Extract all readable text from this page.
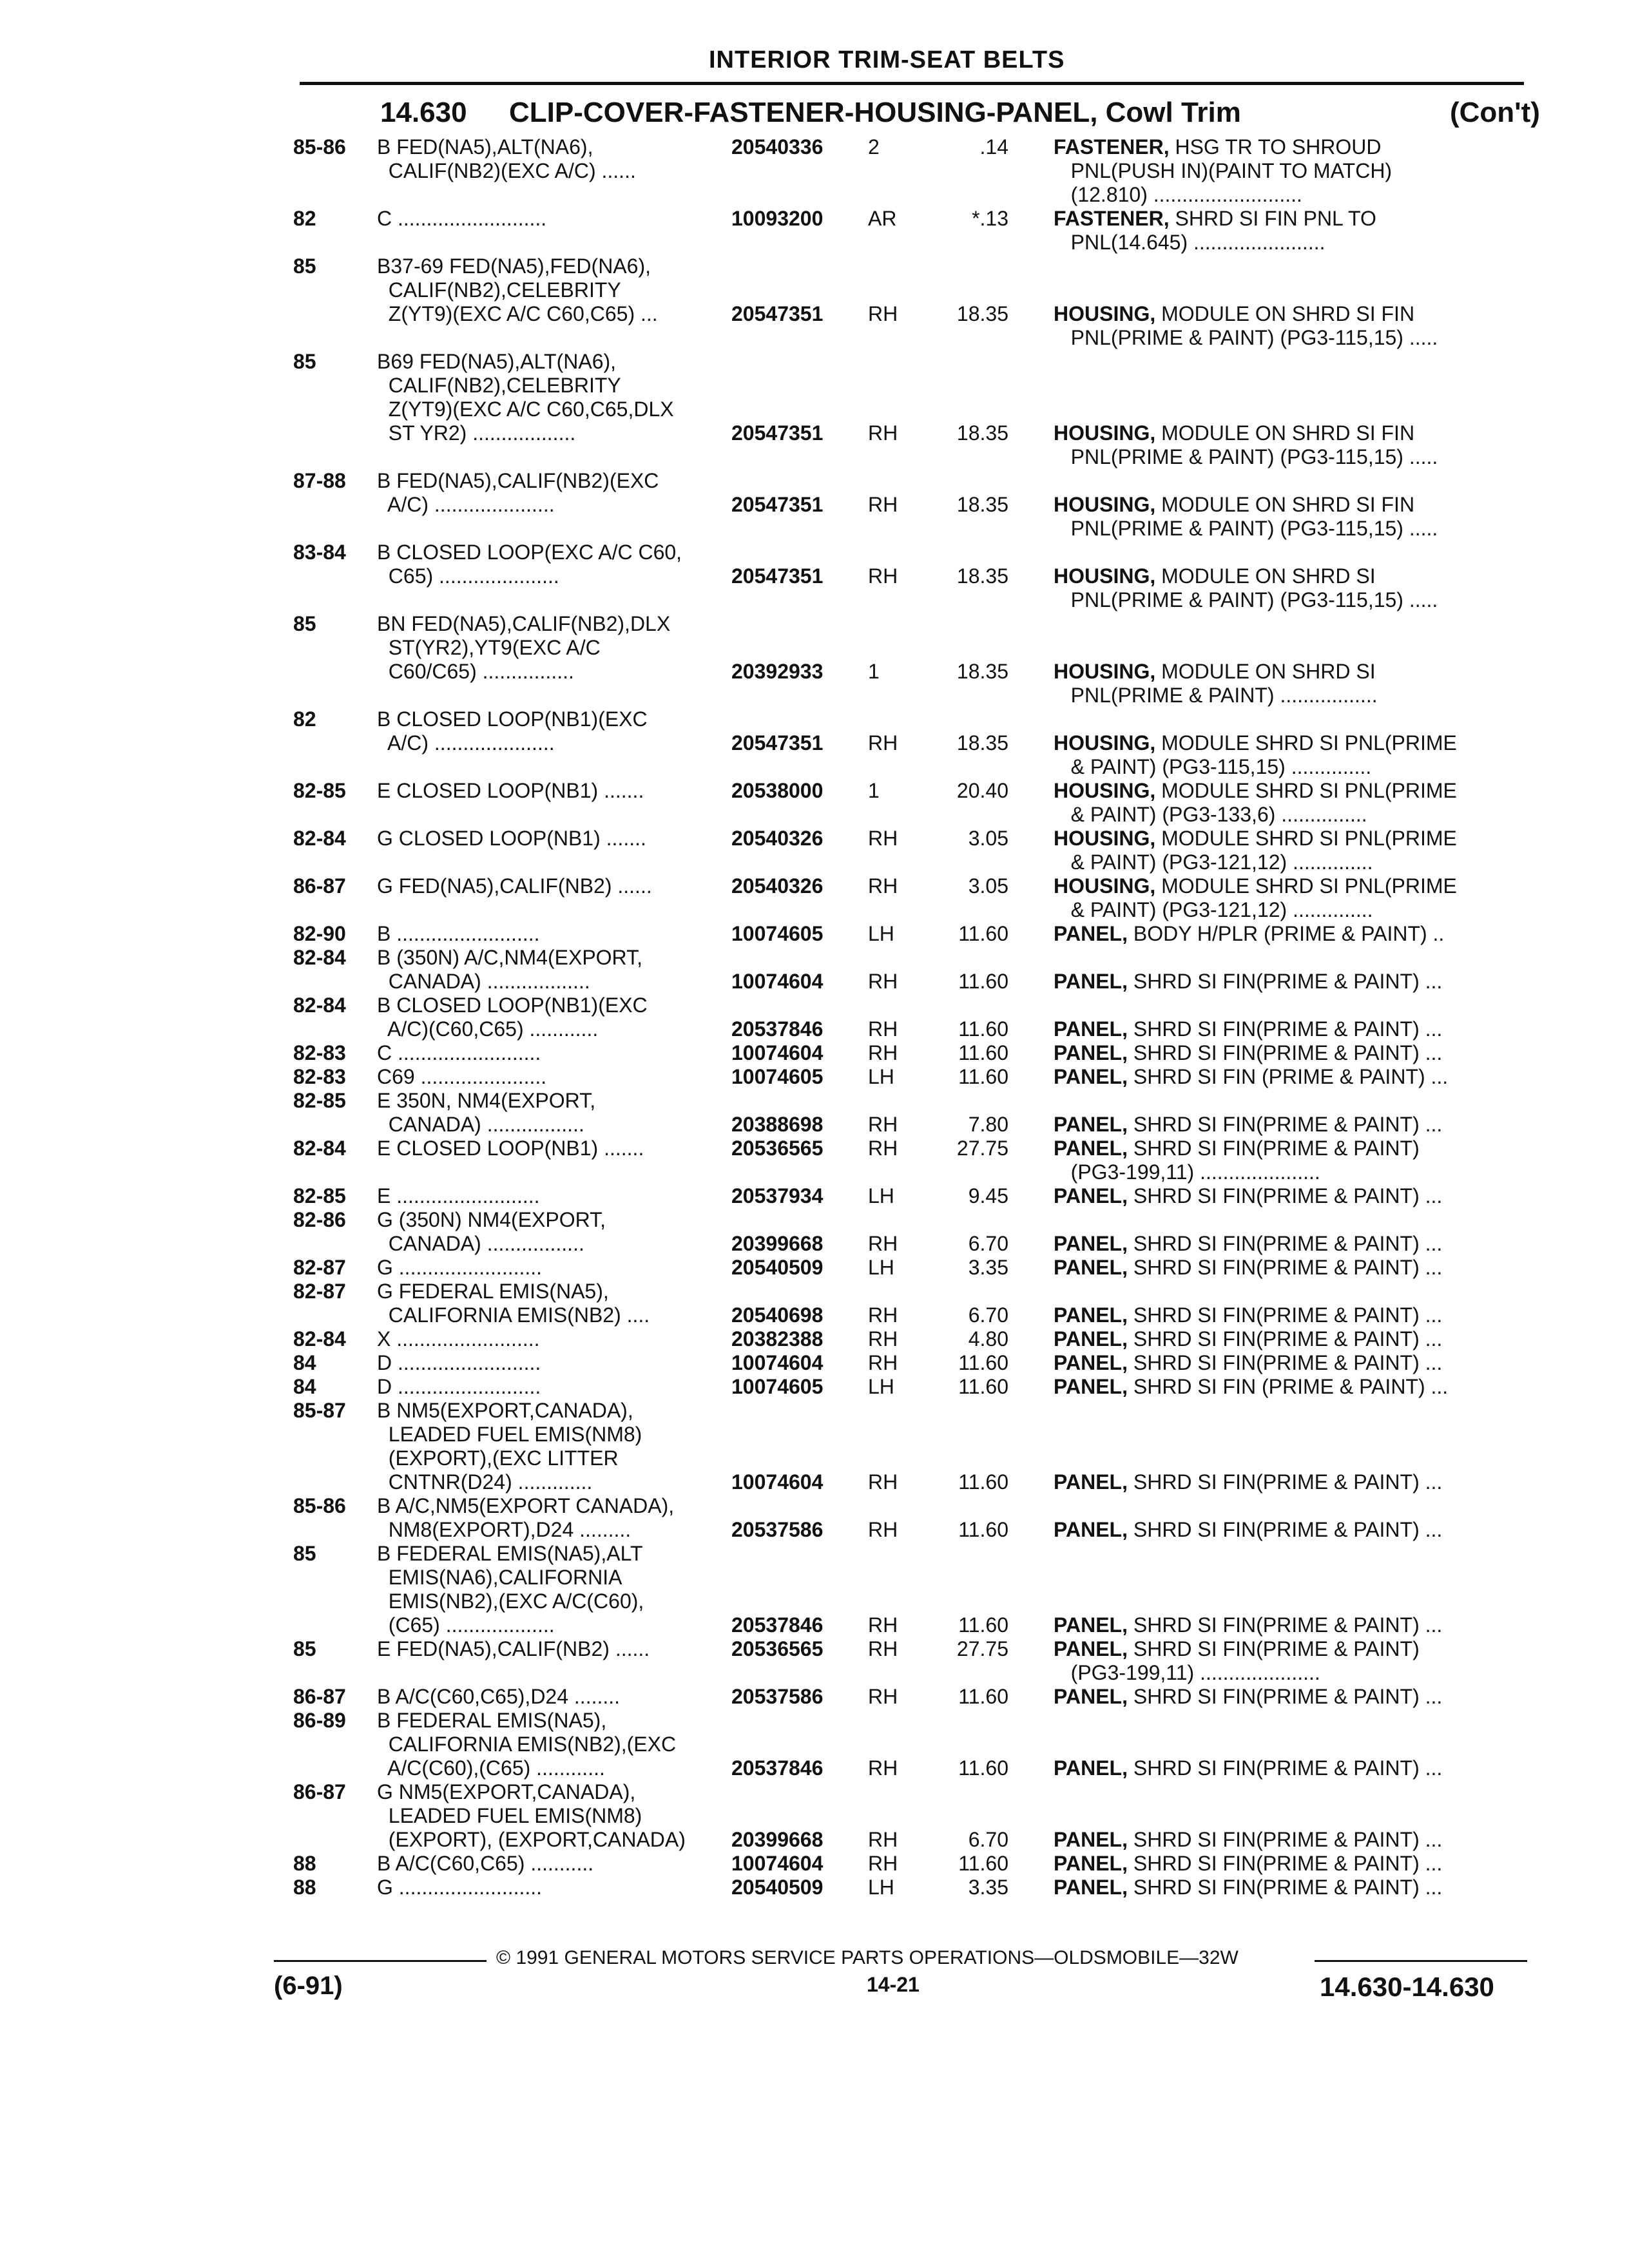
INTERIOR TRIM-SEAT BELTS
14.630 CLIP-COVER-FASTENER-HOUSING-PANEL, Cowl Trim	(Con't)
85-86	B FED(NA5),ALT(NA6),
CALIF(NB2)(EXC A/C) ......
20540336	2	.14 FASTENER, HSG TR TO SHROUD
PNL(PUSH IN)(PAINT TO MATCH)
(12.810) ..........................
82	C ..........................	10093200	AR	*.13 FASTENER, SHRD SI FIN PNL TO
PNL(14.645) .......................
85	B37-69 FED(NA5),FED(NA6),
CALIF(NB2),CELEBRITY
Z(YT9)(EXC A/C C60,C65) ...	20547351	RH	18.35 HOUSING, MODULE ON SHRD SI FIN
PNL(PRIME & PAINT) (PG3-115,15) .....
85	B69 FED(NA5),ALT(NA6),
CALIF(NB2),CELEBRITY
Z(YT9)(EXC A/C C60,C65,DLX
ST YR2) ..................	20547351	RH	18.35 HOUSING, MODULE ON SHRD SI FIN
PNL(PRIME & PAINT) (PG3-115,15) .....
87-88	B FED(NA5),CALIF(NB2)(EXC
A/C) .....................	20547351	RH	18.35 HOUSING, MODULE ON SHRD SI FIN
PNL(PRIME & PAINT) (PG3-115,15) .....
83-84	B CLOSED LOOP(EXC A/C C60,
C65) .....................	20547351	RH	18.35 HOUSING, MODULE ON SHRD SI
PNL(PRIME & PAINT) (PG3-115,15) .....
85	BN FED(NA5),CALIF(NB2),DLX
ST(YR2),YT9(EXC A/C
C60/C65) ................	20392933	1	18.35 HOUSING, MODULE ON SHRD SI
PNL(PRIME & PAINT) .................
82	B CLOSED LOOP(NB1)(EXC
A/C) .....................	20547351	RH	18.35 HOUSING, MODULE SHRD SI PNL(PRIME
& PAINT) (PG3-115,15) ..............
82-85	E CLOSED LOOP(NB1) .......	20538000	1	20.40 HOUSING, MODULE SHRD SI PNL(PRIME
& PAINT) (PG3-133,6) ...............
82-84	G CLOSED LOOP(NB1) .......	20540326	RH	3.05 HOUSING, MODULE SHRD SI PNL(PRIME
& PAINT) (PG3-121,12) ..............
86-87	G FED(NA5),CALIF(NB2) ......	20540326	RH	3.05 HOUSING, MODULE SHRD SI PNL(PRIME
& PAINT) (PG3-121,12) ..............
82-90	B .........................	10074605	LH	11.60 PANEL, BODY H/PLR (PRIME & PAINT) ..
82-84	B (350N) A/C,NM4(EXPORT,
CANADA) ..................	10074604	RH	11.60 PANEL, SHRD SI FIN(PRIME & PAINT) ...
82-84	B CLOSED LOOP(NB1)(EXC
A/C)(C60,C65) ............	20537846	RH	11.60 PANEL, SHRD SI FIN(PRIME & PAINT) ...
82-83	C .........................	10074604	RH	11.60 PANEL, SHRD SI FIN(PRIME & PAINT) ...
82-83	C69 ......................	10074605	LH	11.60 PANEL, SHRD SI FIN (PRIME & PAINT) ...
82-85	E 350N, NM4(EXPORT,
CANADA) .................	20388698	RH	7.80 PANEL, SHRD SI FIN(PRIME & PAINT) ...
82-84	E CLOSED LOOP(NB1) .......	20536565	RH	27.75 PANEL, SHRD SI FIN(PRIME & PAINT)
(PG3-199,11) .....................
82-85	E .........................	20537934	LH	9.45 PANEL, SHRD SI FIN(PRIME & PAINT) ...
82-86	G (350N) NM4(EXPORT,
CANADA) .................	20399668	RH	6.70 PANEL, SHRD SI FIN(PRIME & PAINT) ...
82-87	G .........................	20540509	LH	3.35 PANEL, SHRD SI FIN(PRIME & PAINT) ...
82-87	G FEDERAL EMIS(NA5),
CALIFORNIA EMIS(NB2) ....	20540698	RH	6.70 PANEL, SHRD SI FIN(PRIME & PAINT) ...
82-84	X .........................	20382388	RH	4.80 PANEL, SHRD SI FIN(PRIME & PAINT) ...
84	D .........................	10074604	RH	11.60 PANEL, SHRD SI FIN(PRIME & PAINT) ...
84	D .........................	10074605	LH	11.60 PANEL, SHRD SI FIN (PRIME & PAINT) ...
85-87	B NM5(EXPORT,CANADA),
LEADED FUEL EMIS(NM8)
(EXPORT),(EXC LITTER
CNTNR(D24) .............	10074604	RH	11.60 PANEL, SHRD SI FIN(PRIME & PAINT) ...
85-86	B A/C,NM5(EXPORT CANADA),
NM8(EXPORT),D24 .........	20537586	RH	11.60 PANEL, SHRD SI FIN(PRIME & PAINT) ...
85	B FEDERAL EMIS(NA5),ALT
EMIS(NA6),CALIFORNIA
EMIS(NB2),(EXC A/C(C60),
(C65) ...................	20537846	RH	11.60 PANEL, SHRD SI FIN(PRIME & PAINT) ...
85	E FED(NA5),CALIF(NB2) ......	20536565	RH	27.75 PANEL, SHRD SI FIN(PRIME & PAINT)
(PG3-199,11) .....................
86-87	B A/C(C60,C65),D24 ........	20537586	RH	11.60 PANEL, SHRD SI FIN(PRIME & PAINT) ...
86-89	B FEDERAL EMIS(NA5),
CALIFORNIA EMIS(NB2),(EXC
A/C(C60),(C65) ............	20537846	RH	11.60 PANEL, SHRD SI FIN(PRIME & PAINT) ...
86-87	G NM5(EXPORT,CANADA),
LEADED FUEL EMIS(NM8)
(EXPORT), (EXPORT,CANADA)	20399668	RH	6.70 PANEL, SHRD SI FIN(PRIME & PAINT) ...
88	B A/C(C60,C65) ...........	10074604	RH	11.60 PANEL, SHRD SI FIN(PRIME & PAINT) ...
88	G .........................	20540509	LH	3.35 PANEL, SHRD SI FIN(PRIME & PAINT) ...
© 1991 GENERAL MOTORS SERVICE PARTS OPERATIONS—OLDSMOBILE—32W
(6-91)	14-21	14.630-14.630
